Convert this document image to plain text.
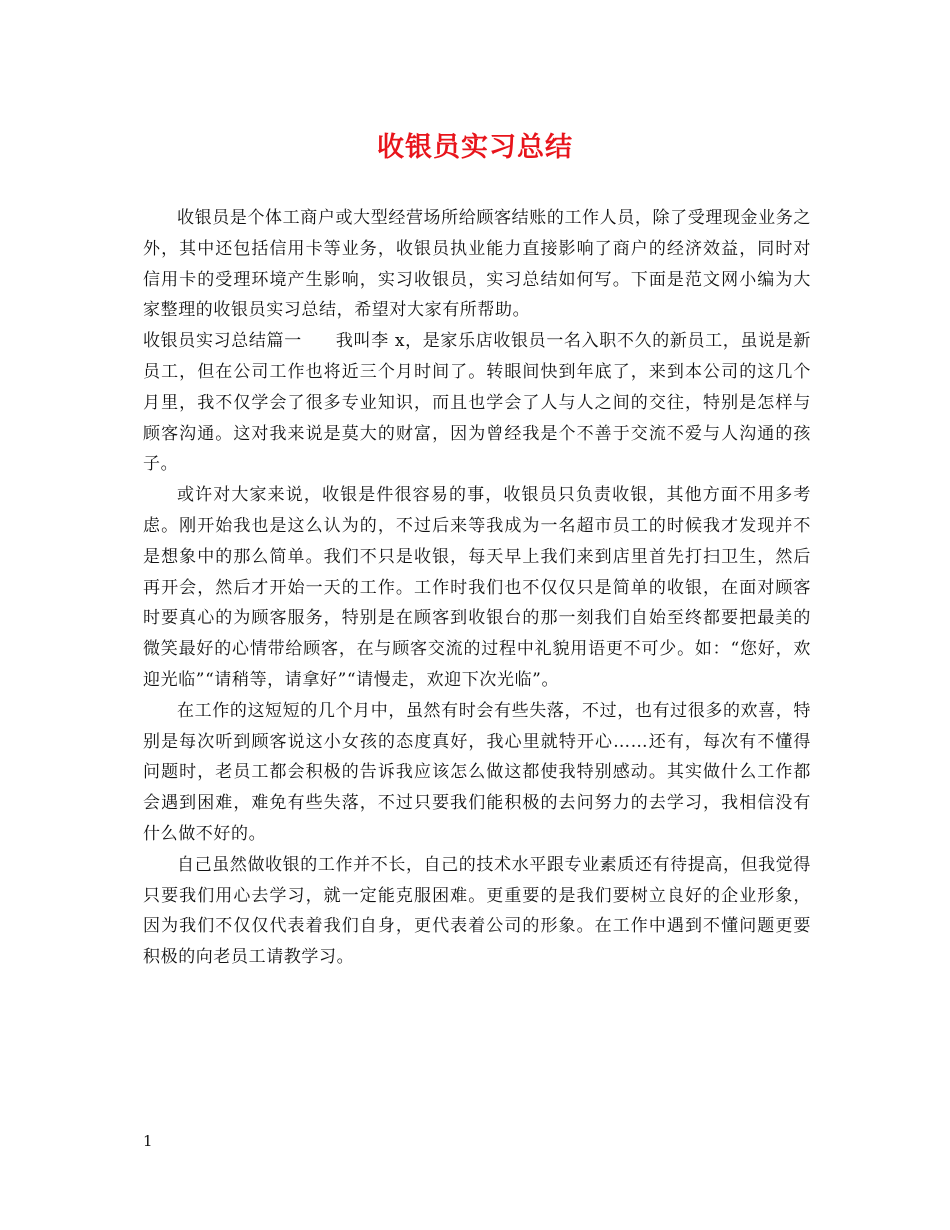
收银员实习总结

收银员是个体工商户或大型经营场所给顾客结账的工作人员，除了受理现金业务之外，其中还包括信用卡等业务，收银员执业能力直接影响了商户的经济效益，同时对信用卡的受理环境产生影响，实习收银员，实习总结如何写。下面是范文网小编为大家整理的收银员实习总结，希望对大家有所帮助。

收银员实习总结篇一 我叫李 x，是家乐店收银员一名入职不久的新员工，虽说是新员工，但在公司工作也将近三个月时间了。转眼间快到年底了，来到本公司的这几个月里，我不仅学会了很多专业知识，而且也学会了人与人之间的交往，特别是怎样与顾客沟通。这对我来说是莫大的财富，因为曾经我是个不善于交流不爱与人沟通的孩子。

或许对大家来说，收银是件很容易的事，收银员只负责收银，其他方面不用多考虑。刚开始我也是这么认为的，不过后来等我成为一名超市员工的时候我才发现并不是想象中的那么简单。我们不只是收银，每天早上我们来到店里首先打扫卫生，然后再开会，然后才开始一天的工作。工作时我们也不仅仅只是简单的收银，在面对顾客时要真心的为顾客服务，特别是在顾客到收银台的那一刻我们自始至终都要把最美的微笑最好的心情带给顾客，在与顾客交流的过程中礼貌用语更不可少。如：“您好，欢迎光临”“请稍等，请拿好”“请慢走，欢迎下次光临”。

在工作的这短短的几个月中，虽然有时会有些失落，不过，也有过很多的欢喜，特别是每次听到顾客说这小女孩的态度真好，我心里就特开心……还有，每次有不懂得问题时，老员工都会积极的告诉我应该怎么做这都使我特别感动。其实做什么工作都会遇到困难，难免有些失落，不过只要我们能积极的去问努力的去学习，我相信没有什么做不好的。

自己虽然做收银的工作并不长，自己的技术水平跟专业素质还有待提高，但我觉得只要我们用心去学习，就一定能克服困难。更重要的是我们要树立良好的企业形象，因为我们不仅仅代表着我们自身，更代表着公司的形象。在工作中遇到不懂问题更要积极的向老员工请教学习。

1
